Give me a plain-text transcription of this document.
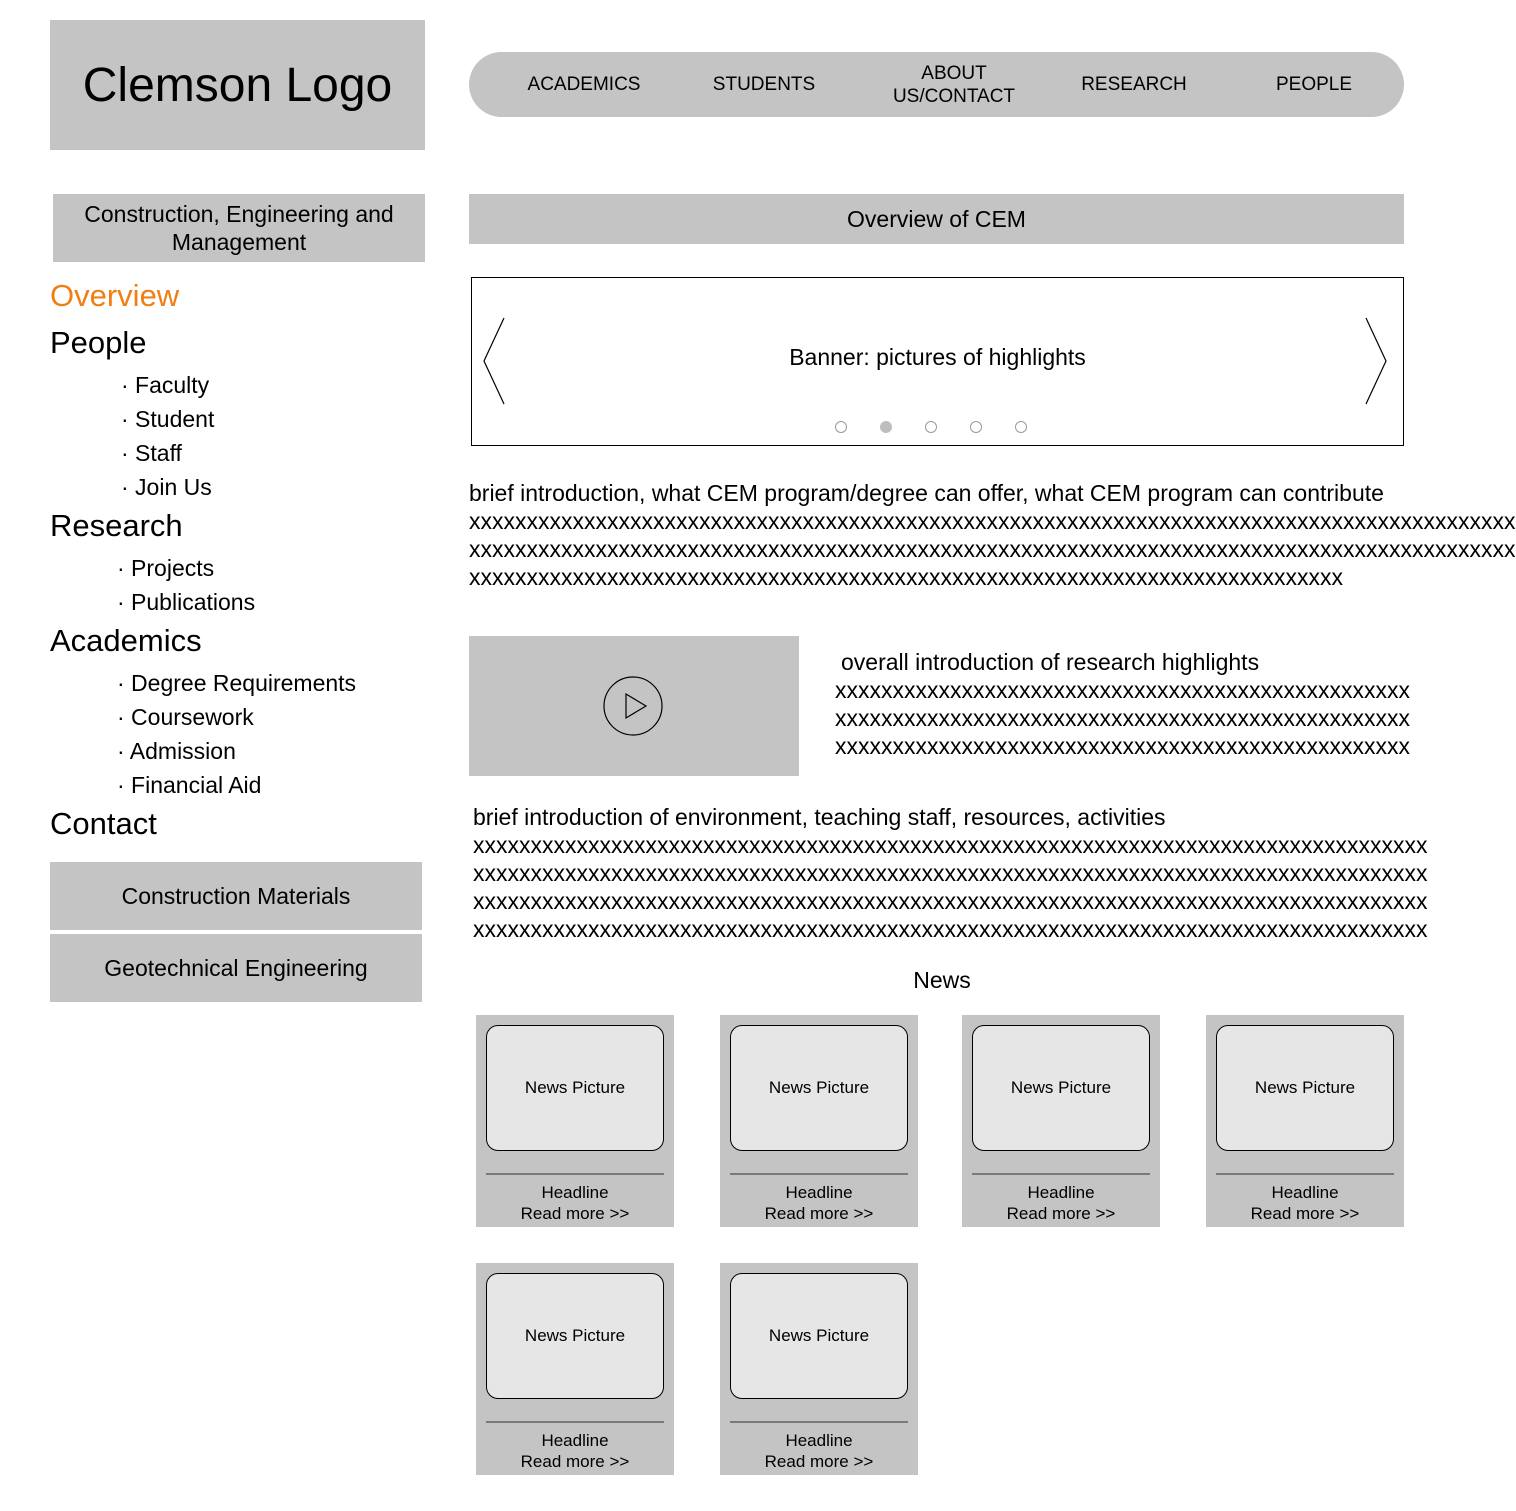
Clemson Logo	ACADEMICS	STUDENTS
ABOUT
US/CONTACT
RESEARCH	PEOPLE
Construction, Engineering and Management
Overview
People
· Faculty
· Student
· Staff
· Join Us
Research
· Projects
· Publications
Academics
· Degree Requirements
· Coursework
· Admission
· Financial Aid
Contact
Construction Materials
Geotechnical Engineering
Overview of CEM
Banner: pictures of highlights
brief introduction, what CEM program/degree can offer, what CEM program can contribute
xxxxxxxxxxxxxxxxxxxxxxxxxxxxxxxxxxxxxxxxxxxxxxxxxxxxxxxxxxxxxxxxxxxxxxxxxxxxxxxxxxxxxxxxxxx
xxxxxxxxxxxxxxxxxxxxxxxxxxxxxxxxxxxxxxxxxxxxxxxxxxxxxxxxxxxxxxxxxxxxxxxxxxxxxxxxxxxxxxxxxxx
xxxxxxxxxxxxxxxxxxxxxxxxxxxxxxxxxxxxxxxxxxxxxxxxxxxxxxxxxxxxxxxxxxxxxxxxxxxx
overall introduction of research highlights
xxxxxxxxxxxxxxxxxxxxxxxxxxxxxxxxxxxxxxxxxxxxxxxxxx
xxxxxxxxxxxxxxxxxxxxxxxxxxxxxxxxxxxxxxxxxxxxxxxxxx
xxxxxxxxxxxxxxxxxxxxxxxxxxxxxxxxxxxxxxxxxxxxxxxxxx
brief introduction of environment, teaching staff, resources, activities
xxxxxxxxxxxxxxxxxxxxxxxxxxxxxxxxxxxxxxxxxxxxxxxxxxxxxxxxxxxxxxxxxxxxxxxxxxxxxxxxxxx
xxxxxxxxxxxxxxxxxxxxxxxxxxxxxxxxxxxxxxxxxxxxxxxxxxxxxxxxxxxxxxxxxxxxxxxxxxxxxxxxxxx
xxxxxxxxxxxxxxxxxxxxxxxxxxxxxxxxxxxxxxxxxxxxxxxxxxxxxxxxxxxxxxxxxxxxxxxxxxxxxxxxxxx
xxxxxxxxxxxxxxxxxxxxxxxxxxxxxxxxxxxxxxxxxxxxxxxxxxxxxxxxxxxxxxxxxxxxxxxxxxxxxxxxxxx
News
News Picture
Headline
Read more >>
News Picture
Headline
Read more >>
News Picture
Headline
Read more >>
News Picture
Headline
Read more >>
News Picture
Headline
Read more >>
News Picture
Headline
Read more >>
